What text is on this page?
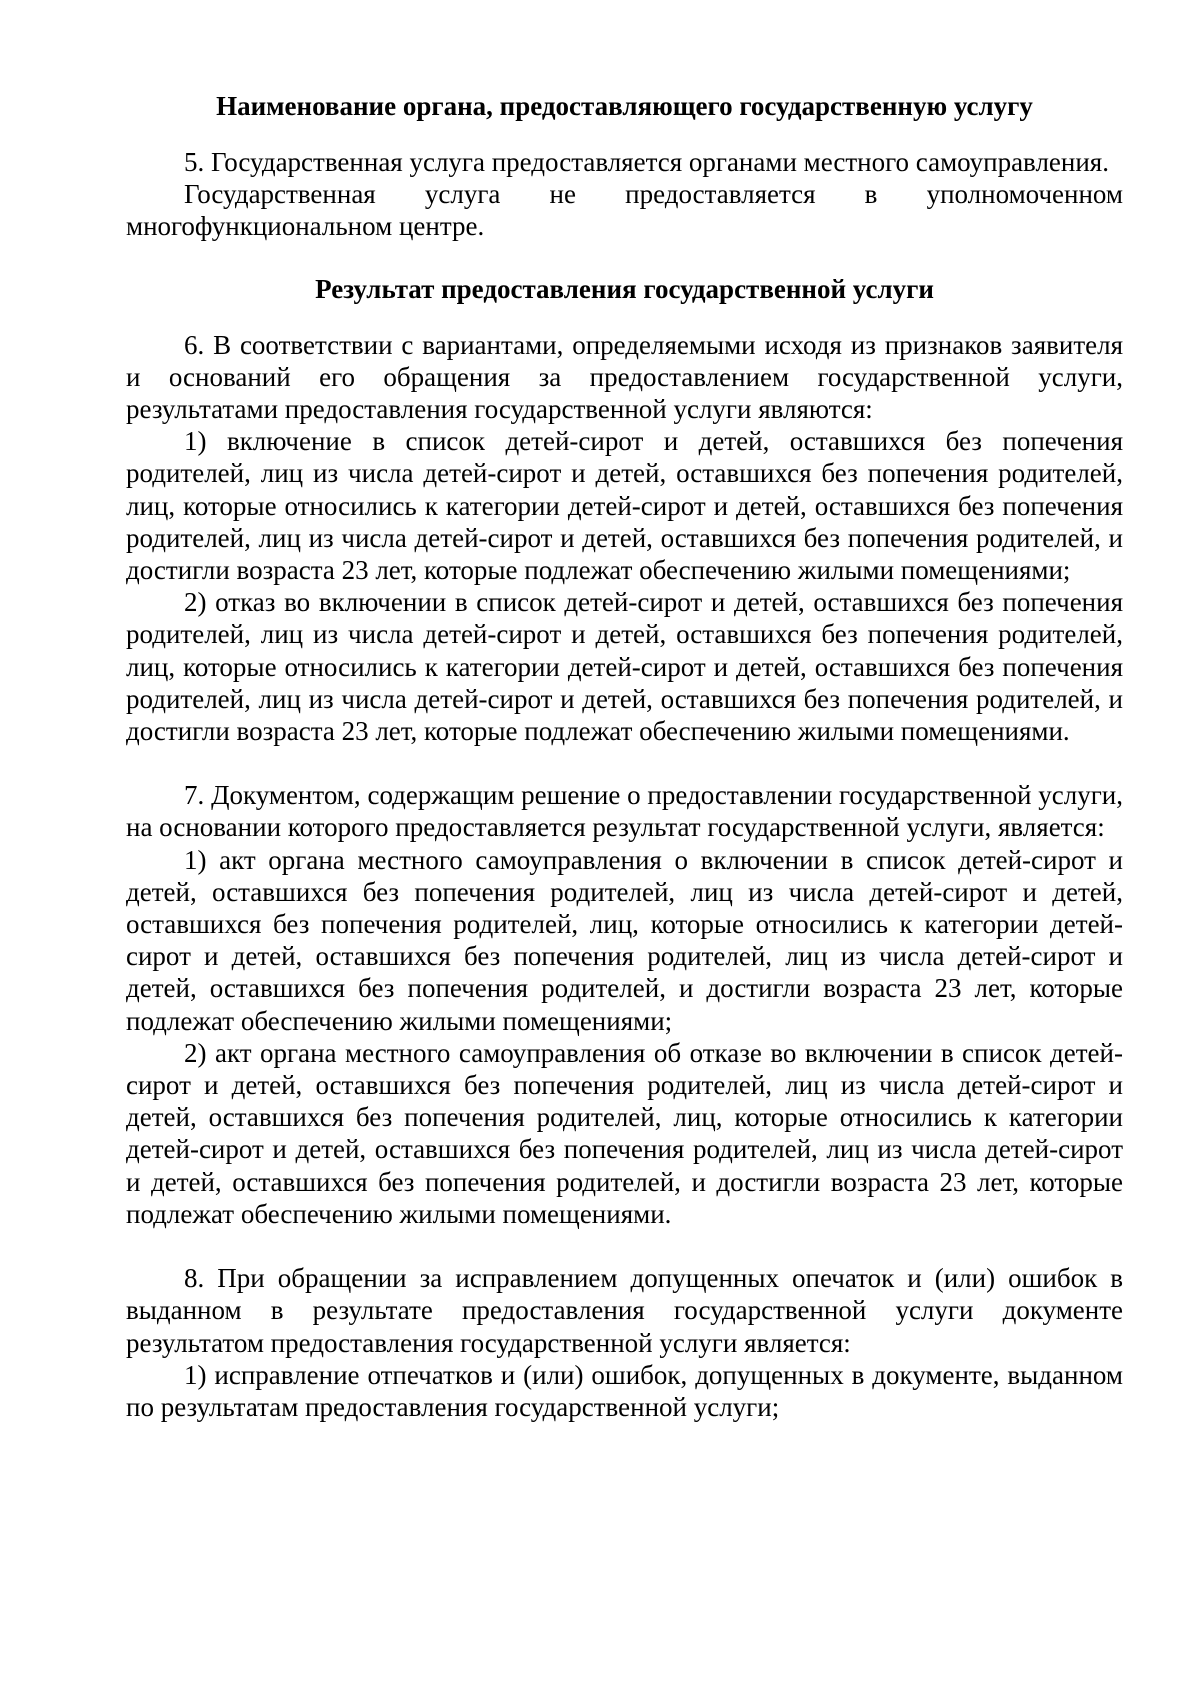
Наименование органа, предоставляющего государственную услугу

5. Государственная услуга предоставляется органами местного самоуправления.

Государственная услуга не предоставляется в уполномоченном многофункциональном центре.

Результат предоставления государственной услуги

6. В соответствии с вариантами, определяемыми исходя из признаков заявителя и оснований его обращения за предоставлением государственной услуги, результатами предоставления государственной услуги являются:

1) включение в список детей-сирот и детей, оставшихся без попечения родителей, лиц из числа детей-сирот и детей, оставшихся без попечения родителей, лиц, которые относились к категории детей-сирот и детей, оставшихся без попечения родителей, лиц из числа детей-сирот и детей, оставшихся без попечения родителей, и достигли возраста 23 лет, которые подлежат обеспечению жилыми помещениями;

2) отказ во включении в список детей-сирот и детей, оставшихся без попечения родителей, лиц из числа детей-сирот и детей, оставшихся без попечения родителей, лиц, которые относились к категории детей-сирот и детей, оставшихся без попечения родителей, лиц из числа детей-сирот и детей, оставшихся без попечения родителей, и достигли возраста 23 лет, которые подлежат обеспечению жилыми помещениями.

7. Документом, содержащим решение о предоставлении государственной услуги, на основании которого предоставляется результат государственной услуги, является:

1) акт органа местного самоуправления о включении в список детей-сирот и детей, оставшихся без попечения родителей, лиц из числа детей-сирот и детей, оставшихся без попечения родителей, лиц, которые относились к категории детей-сирот и детей, оставшихся без попечения родителей, лиц из числа детей-сирот и детей, оставшихся без попечения родителей, и достигли возраста 23 лет, которые подлежат обеспечению жилыми помещениями;

2) акт органа местного самоуправления об отказе во включении в список детей-сирот и детей, оставшихся без попечения родителей, лиц из числа детей-сирот и детей, оставшихся без попечения родителей, лиц, которые относились к категории детей-сирот и детей, оставшихся без попечения родителей, лиц из числа детей-сирот и детей, оставшихся без попечения родителей, и достигли возраста 23 лет, которые подлежат обеспечению жилыми помещениями.

8. При обращении за исправлением допущенных опечаток и (или) ошибок в выданном в результате предоставления государственной услуги документе результатом предоставления государственной услуги является:

1) исправление отпечатков и (или) ошибок, допущенных в документе, выданном по результатам предоставления государственной услуги;
